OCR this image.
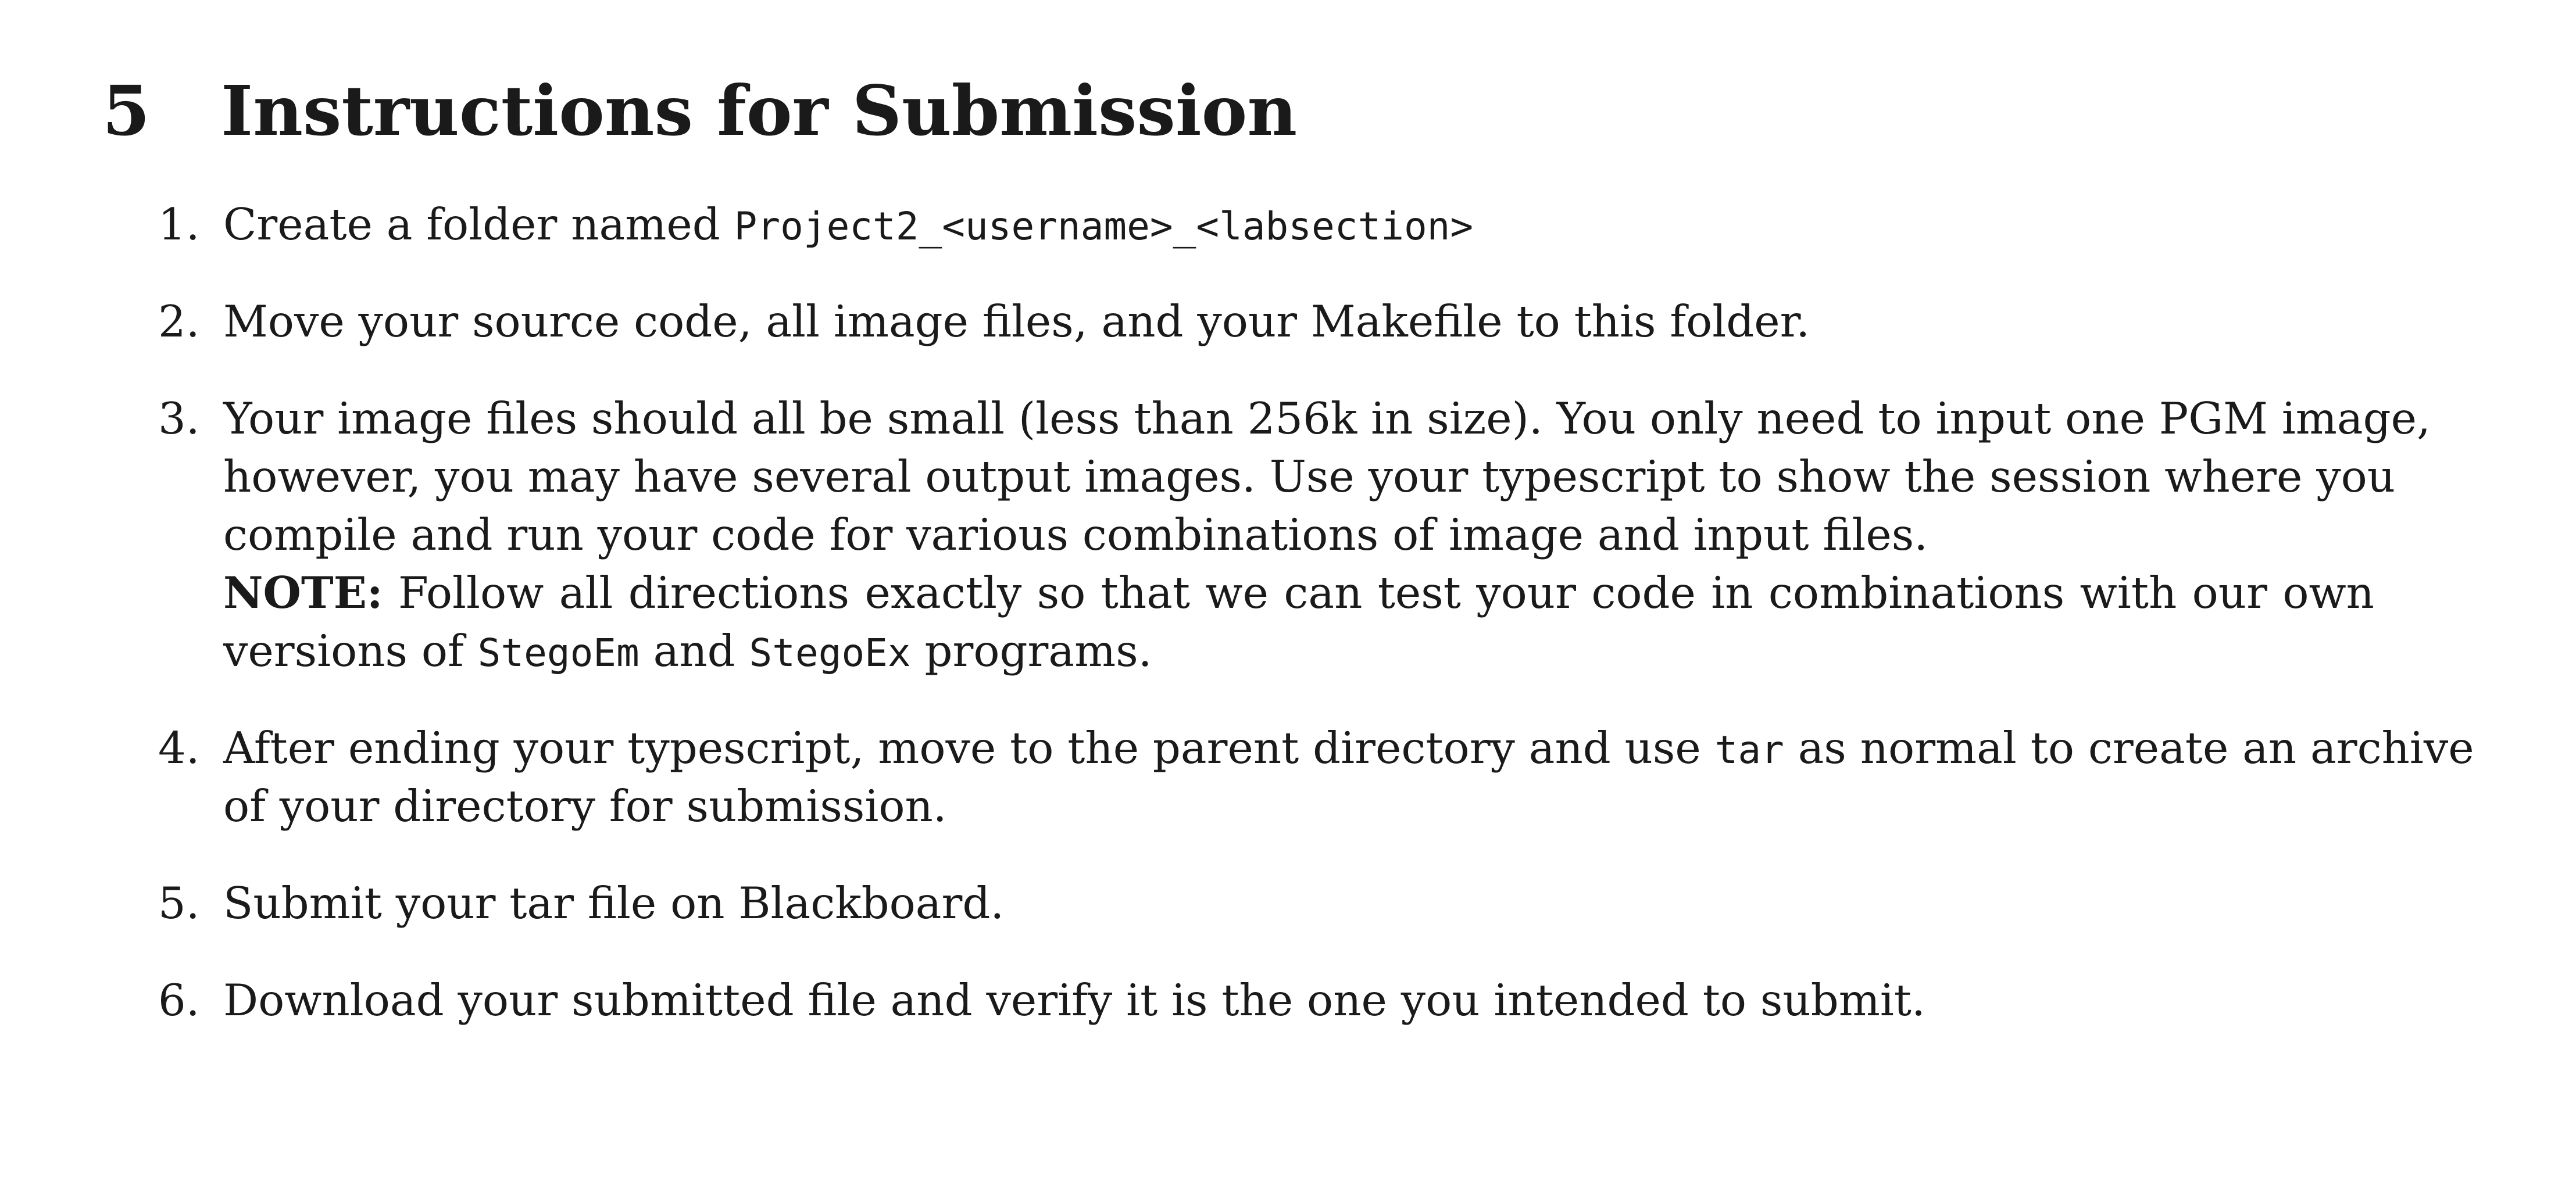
5 Instructions for Submission
1. Create a folder named Project2_<username>_<labsection>
2. Move your source code, all image files, and your Makefile to this folder.
3. Your image files should all be small (less than 256k in size). You only need to input one PGM image,
however, you may have several output images. Use your typescript to show the session where you
compile and run your code for various combinations of image and input files.
NOTE: Follow all directions exactly so that we can test your code in combinations with our own
versions of StegoEm and StegoEx programs.
4. After ending your typescript, move to the parent directory and use tar as normal to create an archive
of your directory for submission.
5. Submit your tar file on Blackboard.
6. Download your submitted file and verify it is the one you intended to submit.
